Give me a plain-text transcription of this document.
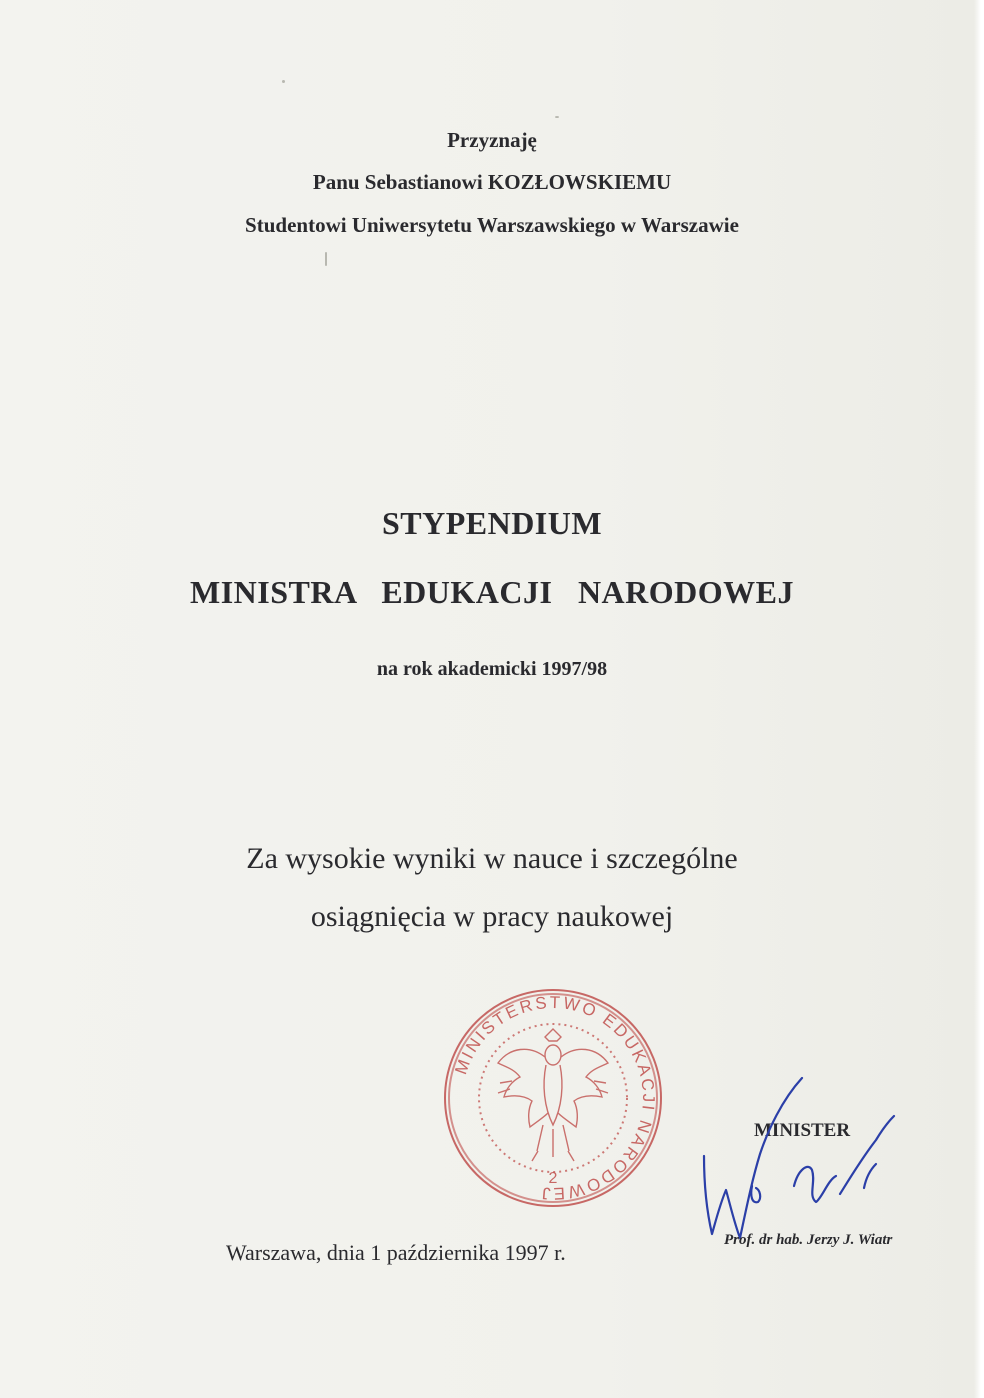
Przyznaję
Panu Sebastianowi KOZŁOWSKIEMU
Studentowi Uniwersytetu Warszawskiego w Warszawie
STYPENDIUM
MINISTRA   EDUKACJI   NARODOWEJ
na rok akademicki 1997/98
Za wysokie wyniki w nauce i szczególne
osiągnięcia w pracy naukowej
MINISTERSTWO EDUKACJI NARODOWEJ
2
Warszawa, dnia 1 października 1997 r.
MINISTER
Prof. dr hab. Jerzy J. Wiatr
